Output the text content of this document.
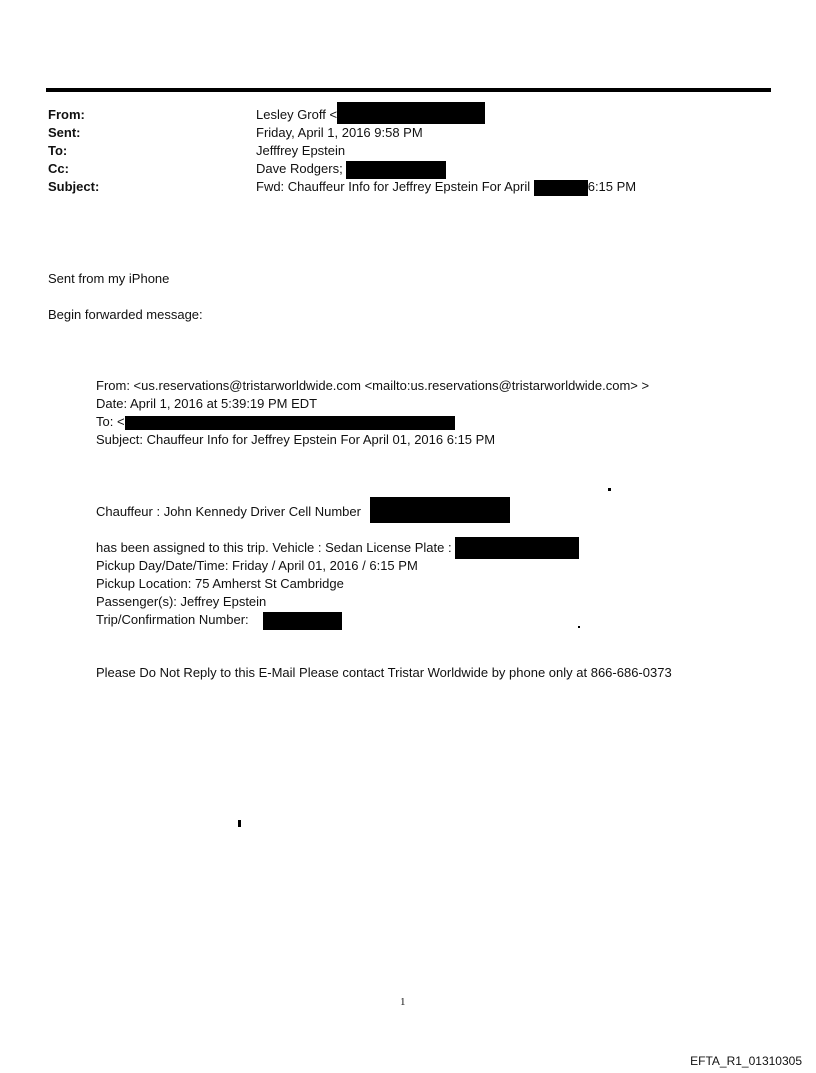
From:	Lesley Groff <
Sent:	Friday, April 1, 2016 9:58 PM
To:	Jefffrey Epstein
Cc:	Dave Rodgers;
Subject:	Fwd: Chauffeur Info for Jeffrey Epstein For April	6:15 PM
Sent from my iPhone
Begin forwarded message:
From: <us.reservations@tristarworldwide.com <mailto:us.reservations@tristarworldwide.com> >
Date: April 1, 2016 at 5:39:19 PM EDT
To: <
Subject: Chauffeur Info for Jeffrey Epstein For April 01, 2016 6:15 PM
Chauffeur : John Kennedy Driver Cell Number
has been assigned to this trip. Vehicle : Sedan License Plate :
Pickup Day/Date/Time: Friday / April 01, 2016 / 6:15 PM
Pickup Location: 75 Amherst St Cambridge
Passenger(s): Jeffrey Epstein
Trip/Confirmation Number:
Please Do Not Reply to this E-Mail Please contact Tristar Worldwide by phone only at 866-686-0373
1
EFTA_R1_01310305
